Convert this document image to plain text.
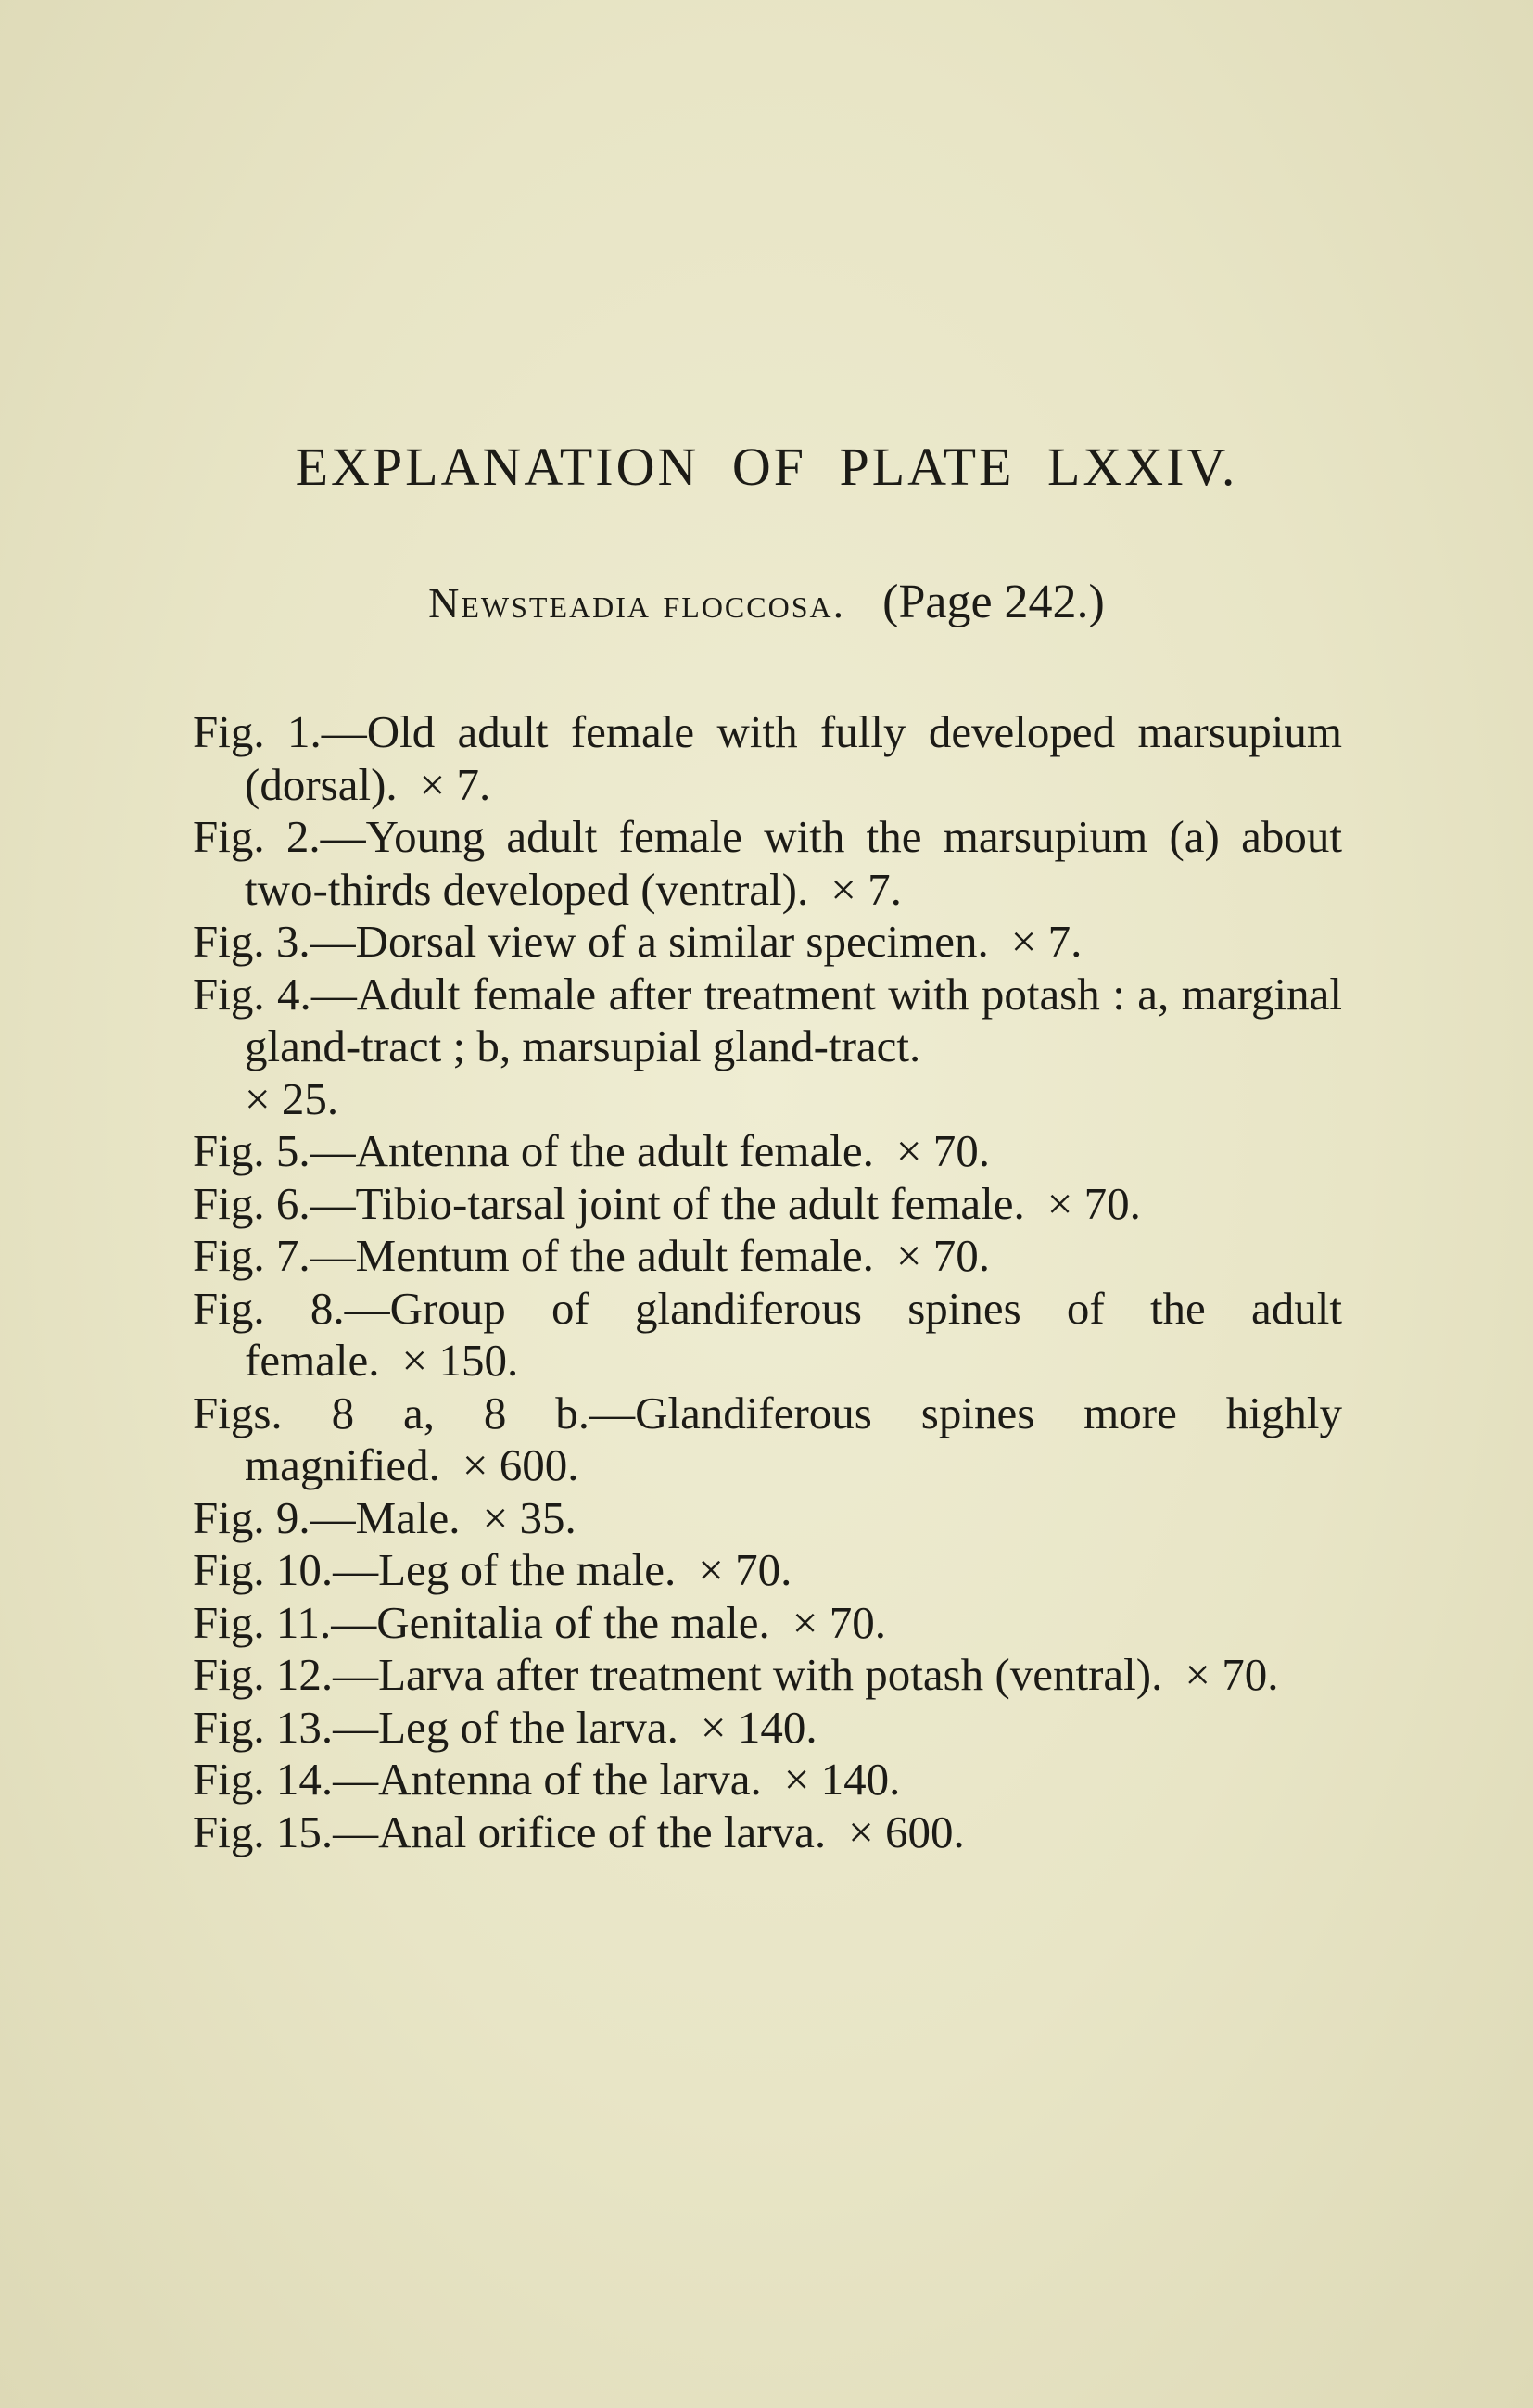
EXPLANATION OF PLATE LXXIV.

Newsteadia floccosa. (Page 242.)

Fig. 1.—Old adult female with fully developed marsupium (dorsal). × 7.
Fig. 2.—Young adult female with the marsupium (a) about two-thirds developed (ventral). × 7.
Fig. 3.—Dorsal view of a similar specimen. × 7.
Fig. 4.—Adult female after treatment with potash : a, marginal gland-tract ; b, marsupial gland-tract.
× 25.
Fig. 5.—Antenna of the adult female. × 70.
Fig. 6.—Tibio-tarsal joint of the adult female. × 70.
Fig. 7.—Mentum of the adult female. × 70.
Fig. 8.—Group of glandiferous spines of the adult female. × 150.
Figs. 8 a, 8 b.—Glandiferous spines more highly magnified. × 600.
Fig. 9.—Male. × 35.
Fig. 10.—Leg of the male. × 70.
Fig. 11.—Genitalia of the male. × 70.
Fig. 12.—Larva after treatment with potash (ventral). × 70.
Fig. 13.—Leg of the larva. × 140.
Fig. 14.—Antenna of the larva. × 140.
Fig. 15.—Anal orifice of the larva. × 600.
